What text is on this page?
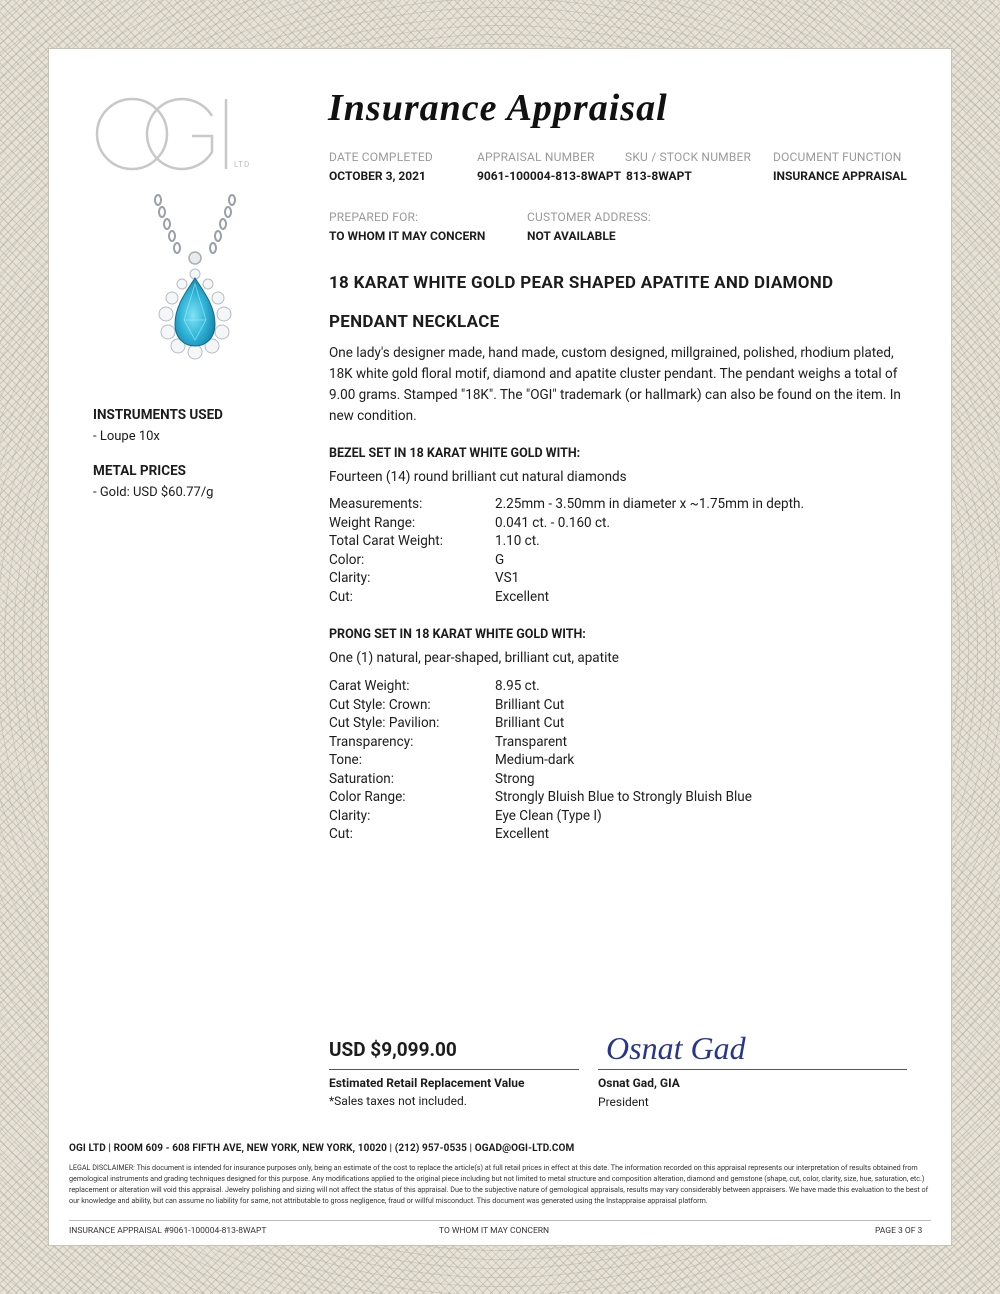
LTD
Insurance Appraisal
DATE COMPLETED
OCTOBER 3, 2021
APPRAISAL NUMBER
9061-100004-813-8WAPT
SKU / STOCK NUMBER
813-8WAPT
DOCUMENT FUNCTION
INSURANCE APPRAISAL
PREPARED FOR:
TO WHOM IT MAY CONCERN
CUSTOMER ADDRESS:
NOT AVAILABLE
INSTRUMENTS USED
- Loupe 10x
METAL PRICES
- Gold: USD $60.77/g
18 KARAT WHITE GOLD PEAR SHAPED APATITE AND DIAMOND
PENDANT NECKLACE
One lady's designer made, hand made, custom designed, millgrained, polished, rhodium plated, 18K white gold floral motif, diamond and apatite cluster pendant. The pendant weighs a total of 9.00 grams. Stamped "18K". The "OGI" trademark (or hallmark) can also be found on the item. In new condition.
BEZEL SET IN 18 KARAT WHITE GOLD WITH:
Fourteen (14) round brilliant cut natural diamonds
Measurements:	2.25mm - 3.50mm in diameter x ~1.75mm in depth.
Weight Range:	0.041 ct. - 0.160 ct.
Total Carat Weight:	1.10 ct.
Color:	G
Clarity:	VS1
Cut:	Excellent
PRONG SET IN 18 KARAT WHITE GOLD WITH:
One (1) natural, pear-shaped, brilliant cut, apatite
Carat Weight:	8.95 ct.
Cut Style: Crown:	Brilliant Cut
Cut Style: Pavilion:	Brilliant Cut
Transparency:	Transparent
Tone:	Medium-dark
Saturation:	Strong
Color Range:	Strongly Bluish Blue to Strongly Bluish Blue
Clarity:	Eye Clean (Type I)
Cut:	Excellent
USD $9,099.00
Estimated Retail Replacement Value
*Sales taxes not included.
Osnat Gad
Osnat Gad, GIA
President
OGI LTD | ROOM 609 - 608 FIFTH AVE, NEW YORK, NEW YORK, 10020 | (212) 957-0535 | OGAD@OGI-LTD.COM
LEGAL DISCLAIMER: This document is intended for insurance purposes only, being an estimate of the cost to replace the article(s) at full retail prices in effect at this date. The information recorded on this appraisal represents our interpretation of results obtained from gemological instruments and grading techniques designed for this purpose. Any modifications applied to the original piece including but not limited to metal structure and composition alteration, diamond and gemstone (shape, cut, color, clarity, size, hue, saturation, etc.) replacement or alteration will void this appraisal. Jewelry polishing and sizing will not affect the status of this appraisal. Due to the subjective nature of gemological appraisals, results may vary considerably between appraisers. We have made this evaluation to the best of our knowledge and ability, but can assume no liability for same, not attributable to gross negligence, fraud or willful misconduct. This document was generated using the Instappraise appraisal platform.
INSURANCE APPRAISAL #9061-100004-813-8WAPT	TO WHOM IT MAY CONCERN	PAGE 3 OF 3
